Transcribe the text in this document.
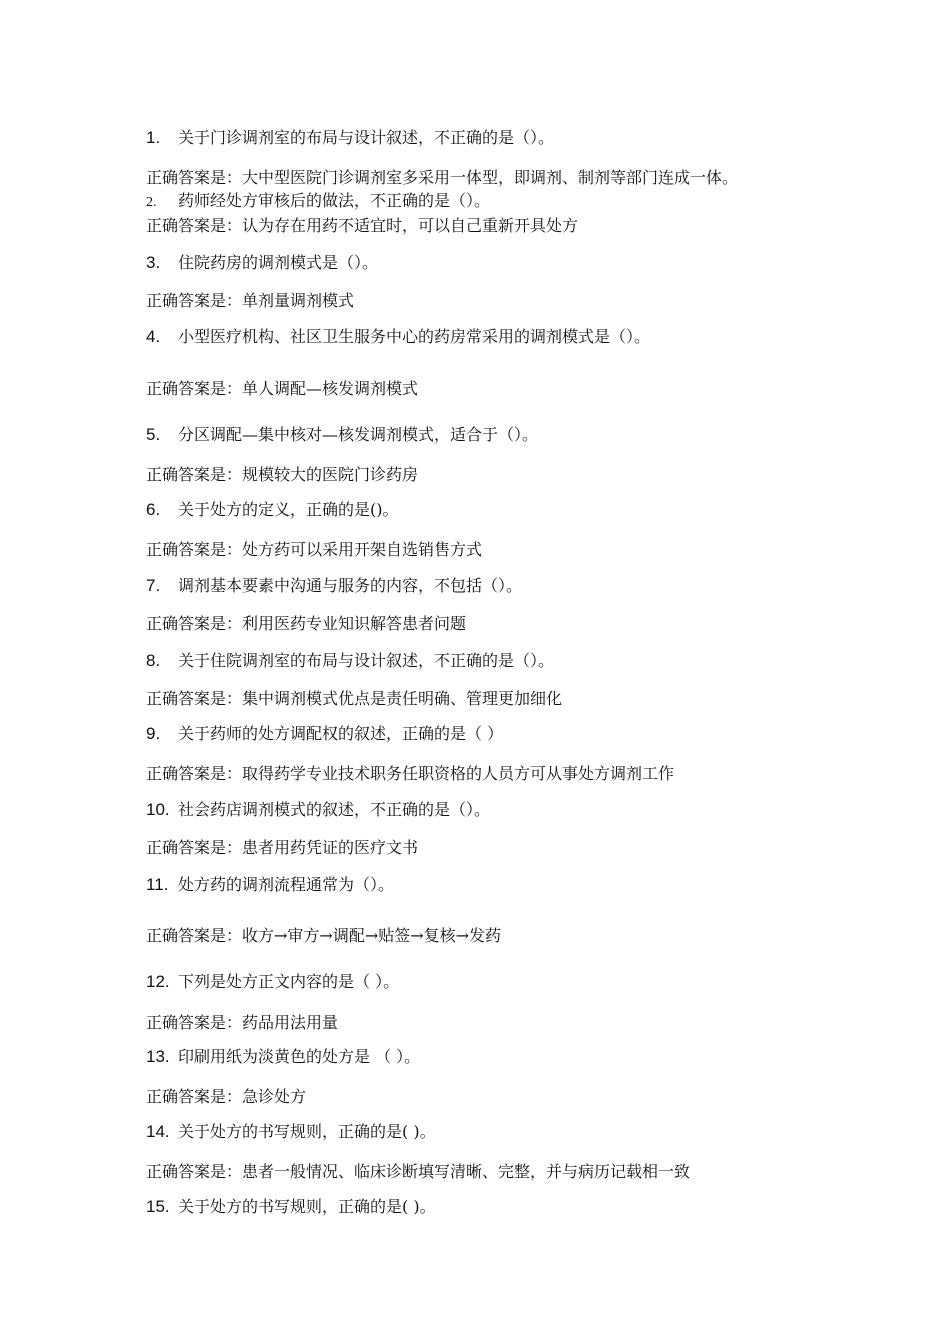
1. 关于门诊调剂室的布局与设计叙述，不正确的是（）。
正确答案是：大中型医院门诊调剂室多采用一体型，即调剂、制剂等部门连成一体。
2. 药师经处方审核后的做法，不正确的是（）。
正确答案是：认为存在用药不适宜时，可以自己重新开具处方
3. 住院药房的调剂模式是（）。
正确答案是：单剂量调剂模式
4. 小型医疗机构、社区卫生服务中心的药房常采用的调剂模式是（）。
正确答案是：单人调配—核发调剂模式
5. 分区调配—集中核对—核发调剂模式，适合于（）。
正确答案是：规模较大的医院门诊药房
6. 关于处方的定义，正确的是()。
正确答案是：处方药可以采用开架自选销售方式
7. 调剂基本要素中沟通与服务的内容，不包括（）。
正确答案是：利用医药专业知识解答患者问题
8. 关于住院调剂室的布局与设计叙述，不正确的是（）。
正确答案是：集中调剂模式优点是责任明确、管理更加细化
9. 关于药师的处方调配权的叙述，正确的是（ ）
正确答案是：取得药学专业技术职务任职资格的人员方可从事处方调剂工作
10. 社会药店调剂模式的叙述，不正确的是（）。
正确答案是：患者用药凭证的医疗文书
11. 处方药的调剂流程通常为（）。
正确答案是：收方→审方→调配→贴签→复核→发药
12. 下列是处方正文内容的是（ ）。
正确答案是：药品用法用量
13. 印刷用纸为淡黄色的处方是 （ ）。
正确答案是：急诊处方
14. 关于处方的书写规则，正确的是( )。
正确答案是：患者一般情况、临床诊断填写清晰、完整，并与病历记载相一致
15. 关于处方的书写规则，正确的是( )。
